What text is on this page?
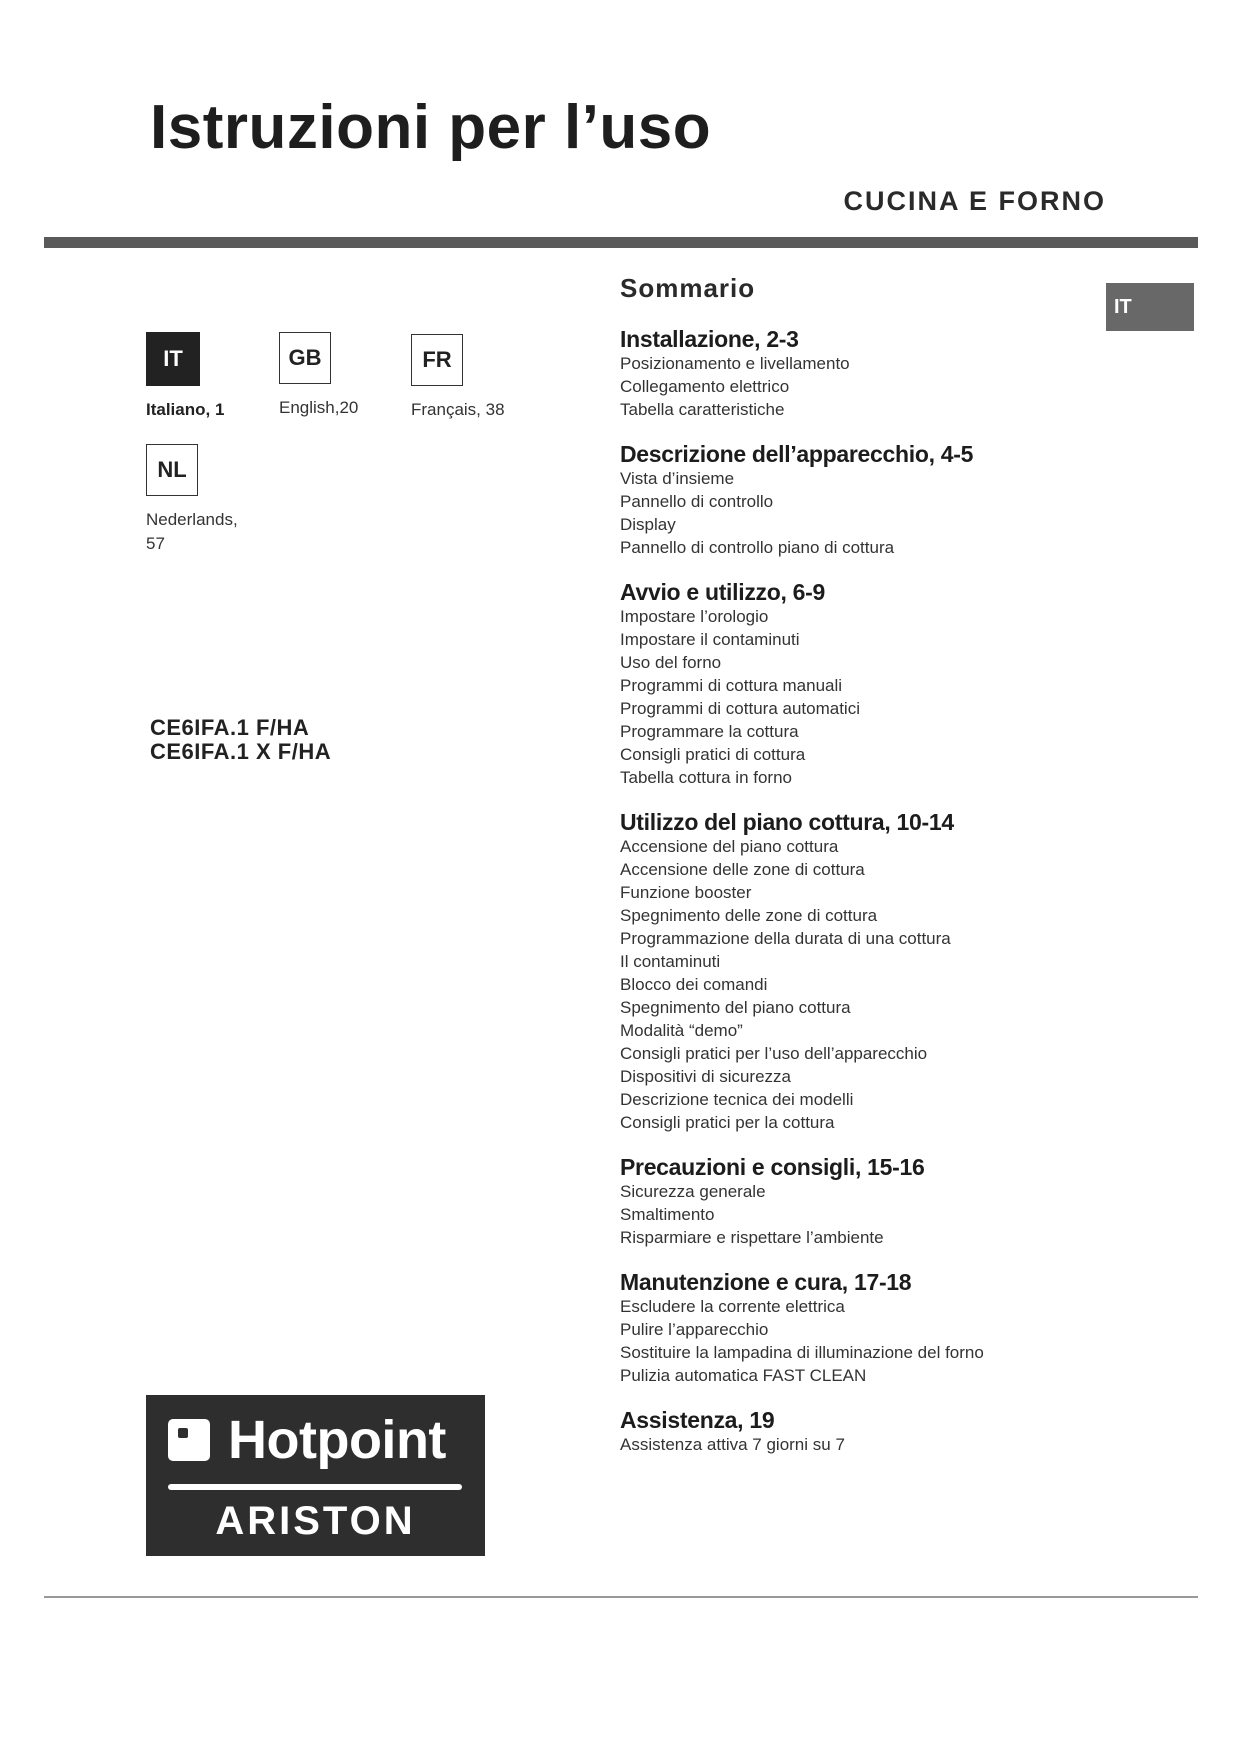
Istruzioni per l’uso
CUCINA E FORNO
IT
IT
Italiano, 1
GB
English,20
FR
Français, 38
NL
Nederlands,
57
CE6IFA.1 F/HA
CE6IFA.1 X F/HA
Hotpoint
ARISTON
Sommario
Installazione, 2-3
Posizionamento e livellamento
Collegamento elettrico
Tabella caratteristiche
Descrizione dell’apparecchio, 4-5
Vista d’insieme
Pannello di controllo
Display
Pannello di controllo piano di cottura
Avvio e utilizzo, 6-9
Impostare l’orologio
Impostare il contaminuti
Uso del forno
Programmi di cottura manuali
Programmi di cottura automatici
Programmare la cottura
Consigli pratici di cottura
Tabella cottura in forno
Utilizzo del piano cottura, 10-14
Accensione del piano cottura
Accensione delle zone di cottura
Funzione booster
Spegnimento delle zone di cottura
Programmazione della durata di una cottura
Il contaminuti
Blocco dei comandi
Spegnimento del piano cottura
Modalità “demo”
Consigli pratici per l’uso dell’apparecchio
Dispositivi di sicurezza
Descrizione tecnica dei modelli
Consigli pratici per la cottura
Precauzioni e consigli, 15-16
Sicurezza generale
Smaltimento
Risparmiare e rispettare l’ambiente
Manutenzione e cura, 17-18
Escludere la corrente elettrica
Pulire l’apparecchio
Sostituire la lampadina di illuminazione del forno
Pulizia automatica FAST CLEAN
Assistenza, 19
Assistenza attiva 7 giorni su 7
